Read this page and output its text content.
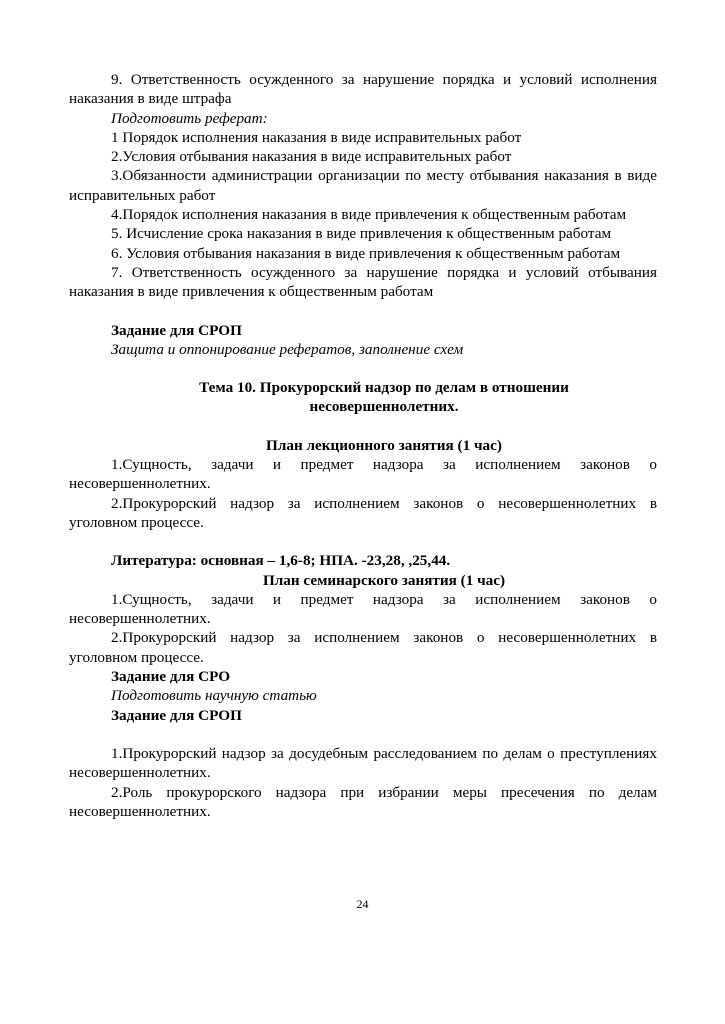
9. Ответственность осужденного за нарушение порядка и условий исполнения наказания в виде штрафа

Подготовить реферат:

1 Порядок исполнения наказания в виде исправительных работ

2.Условия отбывания наказания в виде исправительных работ

3.Обязанности администрации организации по месту отбывания наказания в виде исправительных работ

4.Порядок исполнения наказания в виде привлечения к общественным работам

5. Исчисление срока наказания в виде привлечения к общественным работам

6. Условия отбывания наказания в виде привлечения к общественным работам

7. Ответственность осужденного за нарушение порядка и условий отбывания наказания в виде привлечения к общественным работам

Задание для СРОП

Защита и оппонирование рефератов, заполнение схем

Тема 10. Прокурорский надзор по делам в отношении

несовершеннолетних.

План лекционного занятия (1 час)

1.Сущность, задачи и предмет надзора за исполнением законов о несовершеннолетних.

2.Прокурорский надзор за исполнением законов о несовершеннолетних в уголовном процессе.

Литература: основная – 1,6-8; НПА. -23,28, ,25,44.

План семинарского занятия (1 час)

1.Сущность, задачи и предмет надзора за исполнением законов о несовершеннолетних.

2.Прокурорский надзор за исполнением законов о несовершеннолетних в уголовном процессе.

Задание для СРО

Подготовить научную статью

Задание для СРОП

1.Прокурорский надзор за досудебным расследованием по делам о преступлениях несовершеннолетних.

2.Роль прокурорского надзора при избрании меры пресечения по делам несовершеннолетних.

24
